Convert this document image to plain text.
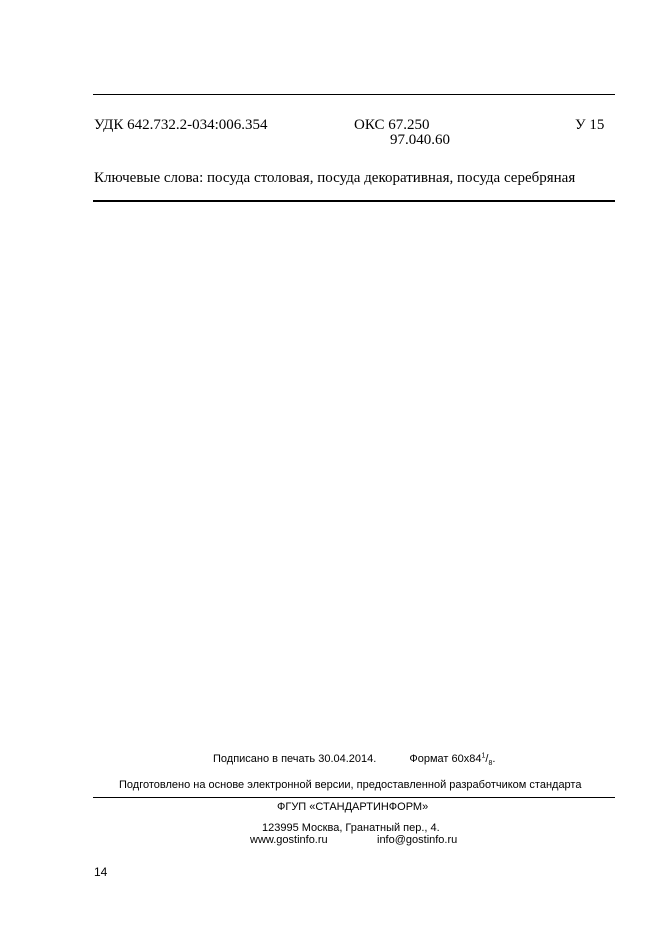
УДК 642.732.2-034:006.354	ОКС 67.250
97.040.60
У 15
Ключевые слова: посуда столовая, посуда декоративная, посуда серебряная
Подписано в печать 30.04.2014.	Формат $60x84^1/_8$.
Подготовлено на основе электронной версии, предоставленной разработчиком стандарта
ФГУП «СТАНДАРТИНФОРМ»
123995 Москва, Гранатный пер., 4.
www.gostinfo.ru	info@gostinfo.ru
14
